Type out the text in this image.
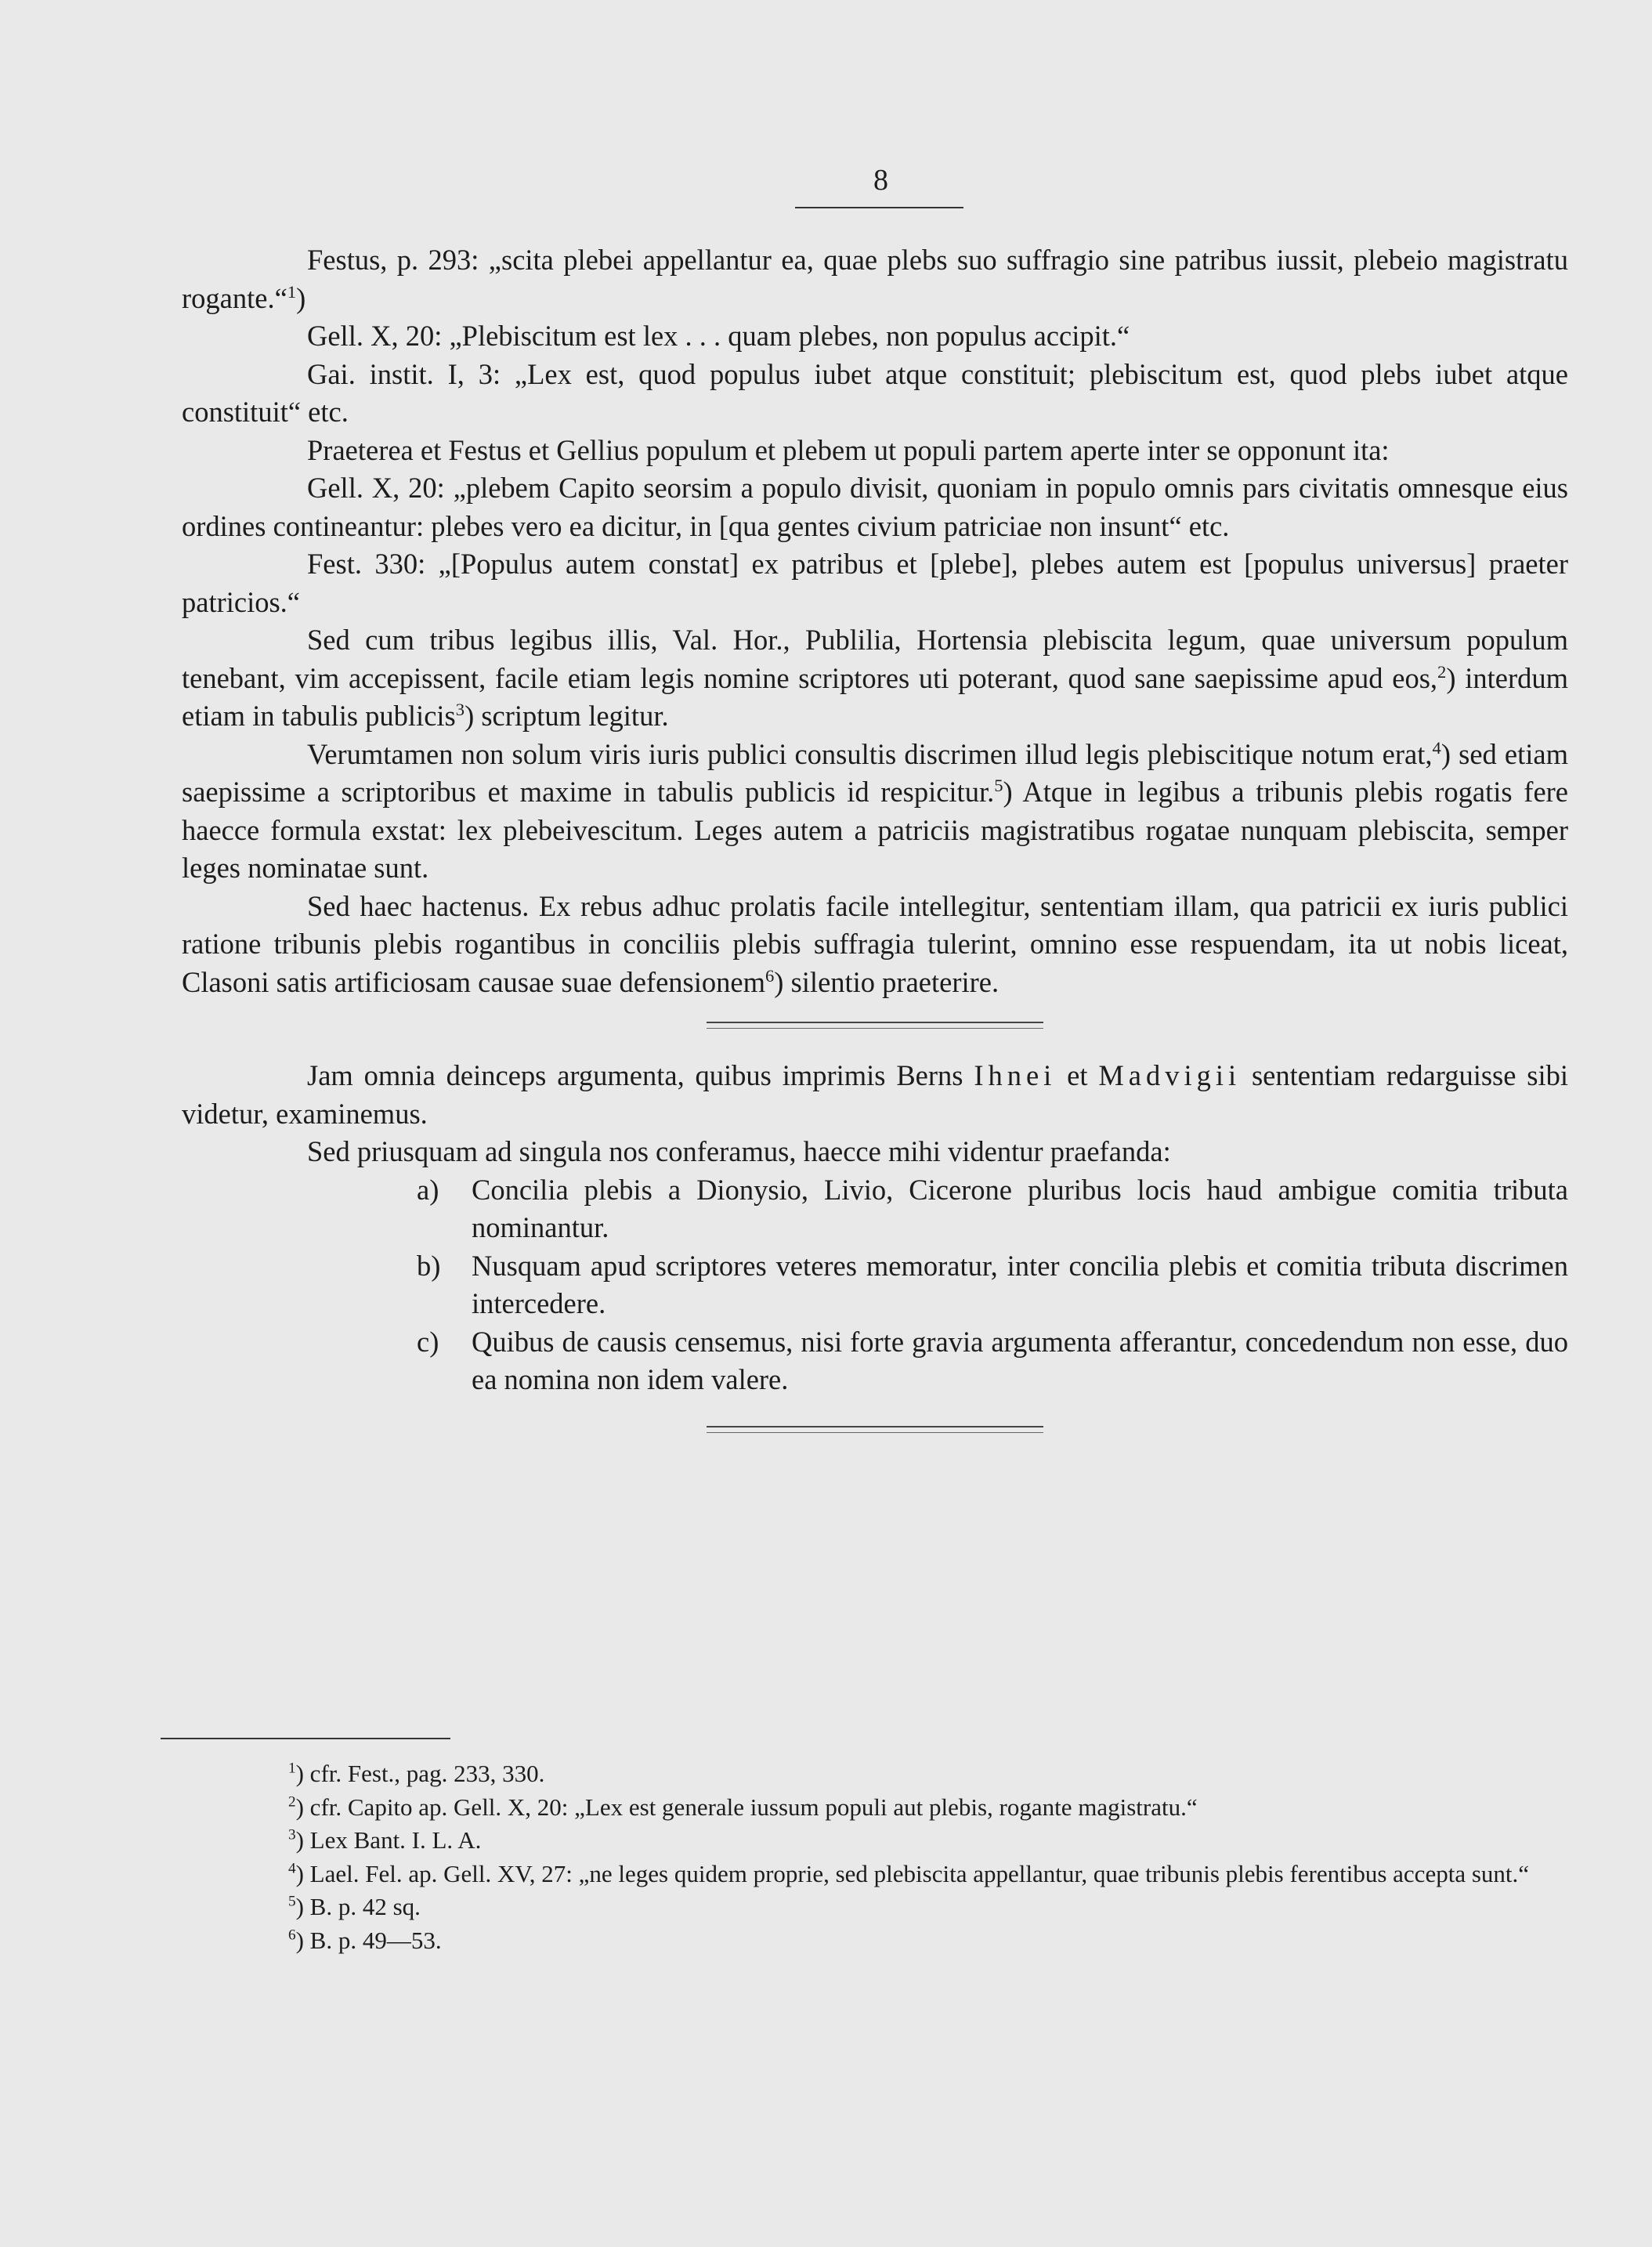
8

Festus, p. 293: „scita plebei appellantur ea, quae plebs suo suffragio sine patribus iussit, plebeio magistratu rogante.“$^1$)

Gell. X, 20: „Plebiscitum est lex . . . quam plebes, non populus accipit.“

Gai. instit. I, 3: „Lex est, quod populus iubet atque constituit; plebiscitum est, quod plebs iubet atque constituit“ etc.

Praeterea et Festus et Gellius populum et plebem ut populi partem aperte inter se opponunt ita:

Gell. X, 20: „plebem Capito seorsim a populo divisit, quoniam in populo omnis pars civitatis omnesque eius ordines contineantur: plebes vero ea dicitur, in [qua gentes civium patriciae non insunt“ etc.

Fest. 330: „[Populus autem constat] ex patribus et [plebe], plebes autem est [populus universus] praeter patricios.“

Sed cum tribus legibus illis, Val. Hor., Publilia, Hortensia plebiscita legum, quae universum populum tenebant, vim accepissent, facile etiam legis nomine scriptores uti poterant, quod sane saepissime apud eos,$^2$) interdum etiam in tabulis publicis$^3$) scriptum legitur.

Verumtamen non solum viris iuris publici consultis discrimen illud legis plebiscitique notum erat,$^4$) sed etiam saepissime a scriptoribus et maxime in tabulis publicis id respicitur.$^5$) Atque in legibus a tribunis plebis rogatis fere haecce formula exstat: lex plebeivescitum. Leges autem a patriciis magistratibus rogatae nunquam plebiscita, semper leges nominatae sunt.

Sed haec hactenus. Ex rebus adhuc prolatis facile intellegitur, sententiam illam, qua patricii ex iuris publici ratione tribunis plebis rogantibus in conciliis plebis suffragia tulerint, omnino esse respuendam, ita ut nobis liceat, Clasoni satis artificiosam causae suae defensionem$^6$) silentio praeterire.

Jam omnia deinceps argumenta, quibus imprimis Berns Ihnei et Madvigii sententiam redarguisse sibi videtur, examinemus.

Sed priusquam ad singula nos conferamus, haecce mihi videntur praefanda:

a) Concilia plebis a Dionysio, Livio, Cicerone pluribus locis haud ambigue comitia tributa nominantur.
b) Nusquam apud scriptores veteres memoratur, inter concilia plebis et comitia tributa discrimen intercedere.
c) Quibus de causis censemus, nisi forte gravia argumenta afferantur, concedendum non esse, duo ea nomina non idem valere.

$^1$) cfr. Fest., pag. 233, 330.

$^2$) cfr. Capito ap. Gell. X, 20: „Lex est generale iussum populi aut plebis, rogante magistratu.“

$^3$) Lex Bant. I. L. A.

$^4$) Lael. Fel. ap. Gell. XV, 27: „ne leges quidem proprie, sed plebiscita appellantur, quae tribunis plebis ferentibus accepta sunt.“

$^5$) B. p. 42 sq.

$^6$) B. p. 49—53.
